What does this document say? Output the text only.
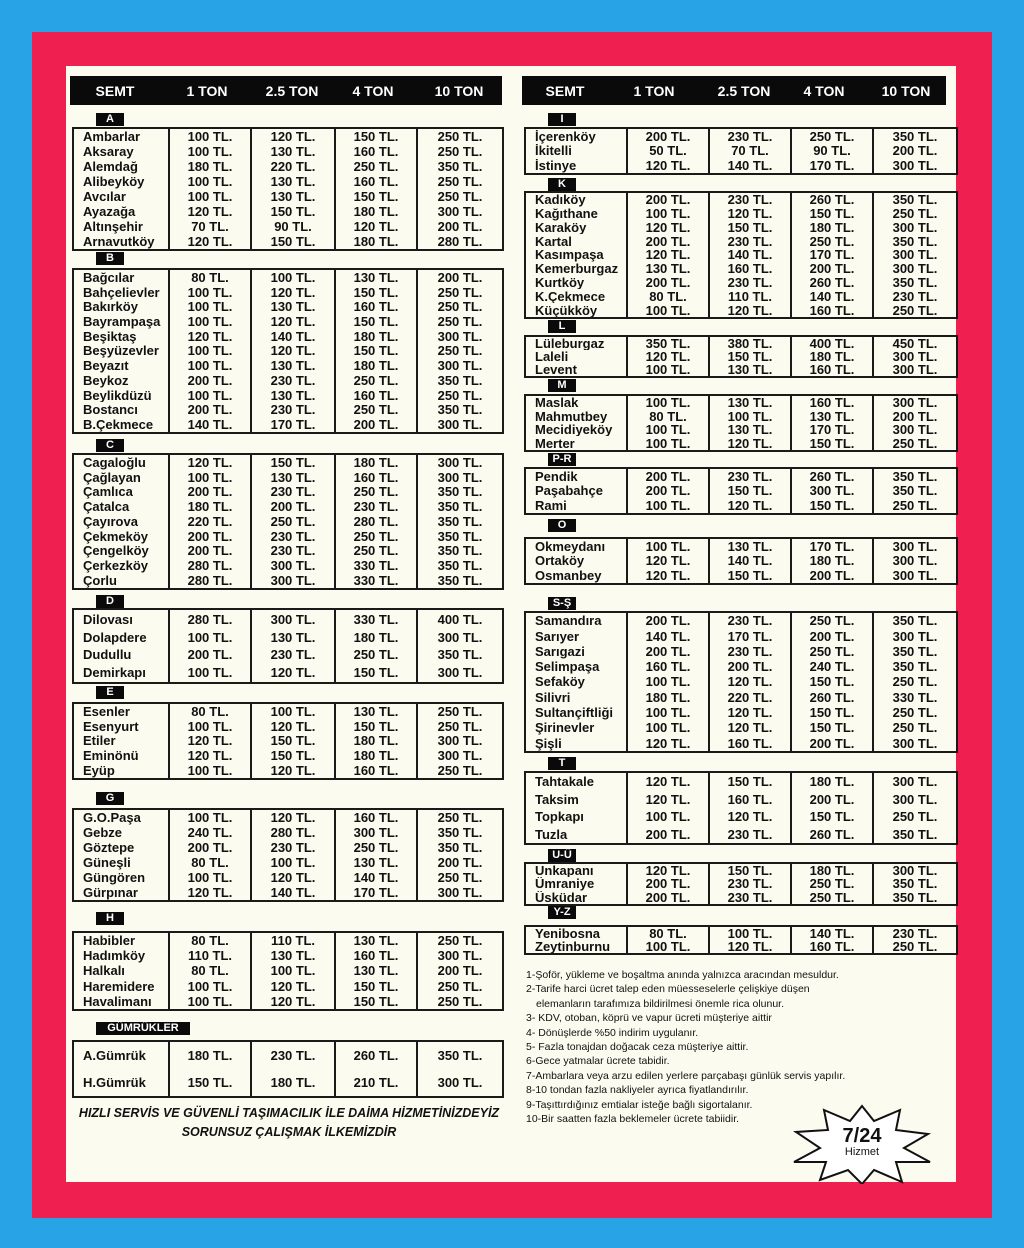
SEMT	1 TON	2.5 TON	4 TON	10 TON	SEMT	1 TON	2.5 TON	4 TON	10 TON
A
Ambarlar	100 TL.	120 TL.	150 TL.	250 TL.
Aksaray	100 TL.	130 TL.	160 TL.	250 TL.
Alemdağ	180 TL.	220 TL.	250 TL.	350 TL.
Alibeyköy	100 TL.	130 TL.	160 TL.	250 TL.
Avcılar	100 TL.	130 TL.	150 TL.	250 TL.
Ayazağa	120 TL.	150 TL.	180 TL.	300 TL.
Altınşehir	70 TL.	90 TL.	120 TL.	200 TL.
Arnavutköy	120 TL.	150 TL.	180 TL.	280 TL.
B
Bağcılar	80 TL.	100 TL.	130 TL.	200 TL.
Bahçelievler	100 TL.	120 TL.	150 TL.	250 TL.
Bakırköy	100 TL.	130 TL.	160 TL.	250 TL.
Bayrampaşa	100 TL.	120 TL.	150 TL.	250 TL.
Beşiktaş	120 TL.	140 TL.	180 TL.	300 TL.
Beşyüzevler	100 TL.	120 TL.	150 TL.	250 TL.
Beyazıt	100 TL.	130 TL.	180 TL.	300 TL.
Beykoz	200 TL.	230 TL.	250 TL.	350 TL.
Beylikdüzü	100 TL.	130 TL.	160 TL.	250 TL.
Bostancı	200 TL.	230 TL.	250 TL.	350 TL.
B.Çekmece	140 TL.	170 TL.	200 TL.	300 TL.
C
Cagaloğlu	120 TL.	150 TL.	180 TL.	300 TL.
Çağlayan	100 TL.	130 TL.	160 TL.	300 TL.
Çamlıca	200 TL.	230 TL.	250 TL.	350 TL.
Çatalca	180 TL.	200 TL.	230 TL.	350 TL.
Çayırova	220 TL.	250 TL.	280 TL.	350 TL.
Çekmeköy	200 TL.	230 TL.	250 TL.	350 TL.
Çengelköy	200 TL.	230 TL.	250 TL.	350 TL.
Çerkezköy	280 TL.	300 TL.	330 TL.	350 TL.
Çorlu	280 TL.	300 TL.	330 TL.	350 TL.
D
Dilovası	280 TL.	300 TL.	330 TL.	400 TL.
Dolapdere	100 TL.	130 TL.	180 TL.	300 TL.
Dudullu	200 TL.	230 TL.	250 TL.	350 TL.
Demirkapı	100 TL.	120 TL.	150 TL.	300 TL.
E
Esenler	80 TL.	100 TL.	130 TL.	250 TL.
Esenyurt	100 TL.	120 TL.	150 TL.	250 TL.
Etiler	120 TL.	150 TL.	180 TL.	300 TL.
Eminönü	120 TL.	150 TL.	180 TL.	300 TL.
Eyüp	100 TL.	120 TL.	160 TL.	250 TL.
G
G.O.Paşa	100 TL.	120 TL.	160 TL.	250 TL.
Gebze	240 TL.	280 TL.	300 TL.	350 TL.
Göztepe	200 TL.	230 TL.	250 TL.	350 TL.
Güneşli	80 TL.	100 TL.	130 TL.	200 TL.
Güngören	100 TL.	120 TL.	140 TL.	250 TL.
Gürpınar	120 TL.	140 TL.	170 TL.	300 TL.
H
Habibler	80 TL.	110 TL.	130 TL.	250 TL.
Hadımköy	110 TL.	130 TL.	160 TL.	300 TL.
Halkalı	80 TL.	100 TL.	130 TL.	200 TL.
Haremidere	100 TL.	120 TL.	150 TL.	250 TL.
Havalimanı	100 TL.	120 TL.	150 TL.	250 TL.
GÜMRÜKLER
A.Gümrük	180 TL.	230 TL.	260 TL.	350 TL.
H.Gümrük	150 TL.	180 TL.	210 TL.	300 TL.
I
İçerenköy	200 TL.	230 TL.	250 TL.	350 TL.
İkitelli	50 TL.	70 TL.	90 TL.	200 TL.
İstinye	120 TL.	140 TL.	170 TL.	300 TL.
K
Kadıköy	200 TL.	230 TL.	260 TL.	350 TL.
Kağıthane	100 TL.	120 TL.	150 TL.	250 TL.
Karaköy	120 TL.	150 TL.	180 TL.	300 TL.
Kartal	200 TL.	230 TL.	250 TL.	350 TL.
Kasımpaşa	120 TL.	140 TL.	170 TL.	300 TL.
Kemerburgaz	130 TL.	160 TL.	200 TL.	300 TL.
Kurtköy	200 TL.	230 TL.	260 TL.	350 TL.
K.Çekmece	80 TL.	110 TL.	140 TL.	230 TL.
Küçükköy	100 TL.	120 TL.	160 TL.	250 TL.
L
Lüleburgaz	350 TL.	380 TL.	400 TL.	450 TL.
Laleli	120 TL.	150 TL.	180 TL.	300 TL.
Levent	100 TL.	130 TL.	160 TL.	300 TL.
M
Maslak	100 TL.	130 TL.	160 TL.	300 TL.
Mahmutbey	80 TL.	100 TL.	130 TL.	200 TL.
Mecidiyeköy	100 TL.	130 TL.	170 TL.	300 TL.
Merter	100 TL.	120 TL.	150 TL.	250 TL.
P-R
Pendik	200 TL.	230 TL.	260 TL.	350 TL.
Paşabahçe	200 TL.	150 TL.	300 TL.	350 TL.
Rami	100 TL.	120 TL.	150 TL.	250 TL.
O
Okmeydanı	100 TL.	130 TL.	170 TL.	300 TL.
Ortaköy	120 TL.	140 TL.	180 TL.	300 TL.
Osmanbey	120 TL.	150 TL.	200 TL.	300 TL.
S-Ş
Samandıra	200 TL.	230 TL.	250 TL.	350 TL.
Sarıyer	140 TL.	170 TL.	200 TL.	300 TL.
Sarıgazi	200 TL.	230 TL.	250 TL.	350 TL.
Selimpaşa	160 TL.	200 TL.	240 TL.	350 TL.
Sefaköy	100 TL.	120 TL.	150 TL.	250 TL.
Silivri	180 TL.	220 TL.	260 TL.	330 TL.
Sultançiftliği	100 TL.	120 TL.	150 TL.	250 TL.
Şirinevler	100 TL.	120 TL.	150 TL.	250 TL.
Şişli	120 TL.	160 TL.	200 TL.	300 TL.
T
Tahtakale	120 TL.	150 TL.	180 TL.	300 TL.
Taksim	120 TL.	160 TL.	200 TL.	300 TL.
Topkapı	100 TL.	120 TL.	150 TL.	250 TL.
Tuzla	200 TL.	230 TL.	260 TL.	350 TL.
U-Ü
Unkapanı	120 TL.	150 TL.	180 TL.	300 TL.
Ümraniye	200 TL.	230 TL.	250 TL.	350 TL.
Üsküdar	200 TL.	230 TL.	250 TL.	350 TL.
Y-Z
Yenibosna	80 TL.	100 TL.	140 TL.	230 TL.
Zeytinburnu	100 TL.	120 TL.	160 TL.	250 TL.
1-Şoför, yükleme ve boşaltma anında yalnızca aracından mesuldur.
2-Tarife harci ücret talep eden müesseselerle çelişkiye düşen
elemanların tarafımıza bildirilmesi önemle rica olunur.
3- KDV, otoban, köprü ve vapur ücreti müşteriye aittir
4- Dönüşlerde %50 indirim uygulanır.
5- Fazla tonajdan doğacak ceza müşteriye aittir.
6-Gece yatmalar ücrete tabidir.
7-Ambarlara veya arzu edilen yerlere parçabaşı günlük servis yapılır.
8-10 tondan fazla nakliyeler ayrıca fiyatlandırılır.
9-Taşıttırdığınız emtialar isteğe bağlı sigortalanır.
10-Bir saatten fazla beklemeler ücrete tabiidir.
HIZLI SERVİS VE GÜVENLİ TAŞIMACILIK İLE DAİMA HİZMETİNİZDEYİZ
SORUNSUZ ÇALIŞMAK İLKEMİZDİR	7/24
Hizmet
